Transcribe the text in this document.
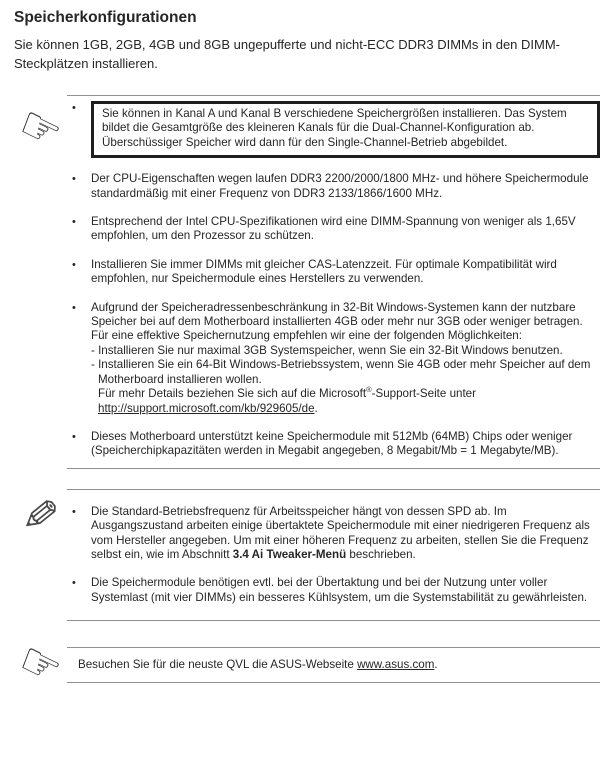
Speicherkonfigurationen

Sie können 1GB, 2GB, 4GB und 8GB ungepufferte und nicht-ECC DDR3 DIMMs in den DIMM-Steckplätzen installieren.

☞ •	Sie können in Kanal A und Kanal B verschiedene Speichergrößen installieren. Das System bildet die Gesamtgröße des kleineren Kanals für die Dual-Channel-Konfiguration ab. Überschüssiger Speicher wird dann für den Single-Channel-Betrieb abgebildet.
•	Der CPU-Eigenschaften wegen laufen DDR3 2200/2000/1800 MHz- und höhere Speichermodule standardmäßig mit einer Frequenz von DDR3 2133/1866/1600 MHz.
•	Entsprechend der Intel CPU-Spezifikationen wird eine DIMM-Spannung von weniger als 1,65V empfohlen, um den Prozessor zu schützen.
•	Installieren Sie immer DIMMs mit gleicher CAS-Latenzzeit. Für optimale Kompatibilität wird empfohlen, nur Speichermodule eines Herstellers zu verwenden.
•	Aufgrund der Speicheradressenbeschränkung in 32-Bit Windows-Systemen kann der nutzbare Speicher bei auf dem Motherboard installierten 4GB oder mehr nur 3GB oder weniger betragen. Für eine effektive Speichernutzung empfehlen wir eine der folgenden Möglichkeiten:
- Installieren Sie nur maximal 3GB Systemspeicher, wenn Sie ein 32-Bit Windows benutzen.
- Installieren Sie ein 64-Bit Windows-Betriebssystem, wenn Sie 4GB oder mehr Speicher auf dem Motherboard installieren wollen.
Für mehr Details beziehen Sie sich auf die Microsoft®-Support-Seite unter
http://support.microsoft.com/kb/929605/de.
•	Dieses Motherboard unterstützt keine Speichermodule mit 512Mb (64MB) Chips oder weniger (Speicherchipkapazitäten werden in Megabit angegeben, 8 Megabit/Mb = 1 Megabyte/MB).
✎ •	Die Standard-Betriebsfrequenz für Arbeitsspeicher hängt von dessen SPD ab. Im Ausgangszustand arbeiten einige übertaktete Speichermodule mit einer niedrigeren Frequenz als vom Hersteller angegeben. Um mit einer höheren Frequenz zu arbeiten, stellen Sie die Frequenz selbst ein, wie im Abschnitt 3.4 Ai Tweaker-Menü beschrieben.
•	Die Speichermodule benötigen evtl. bei der Übertaktung und bei der Nutzung unter voller Systemlast (mit vier DIMMs) ein besseres Kühlsystem, um die Systemstabilität zu gewährleisten.
☞ Besuchen Sie für die neuste QVL die ASUS-Webseite www.asus.com.
